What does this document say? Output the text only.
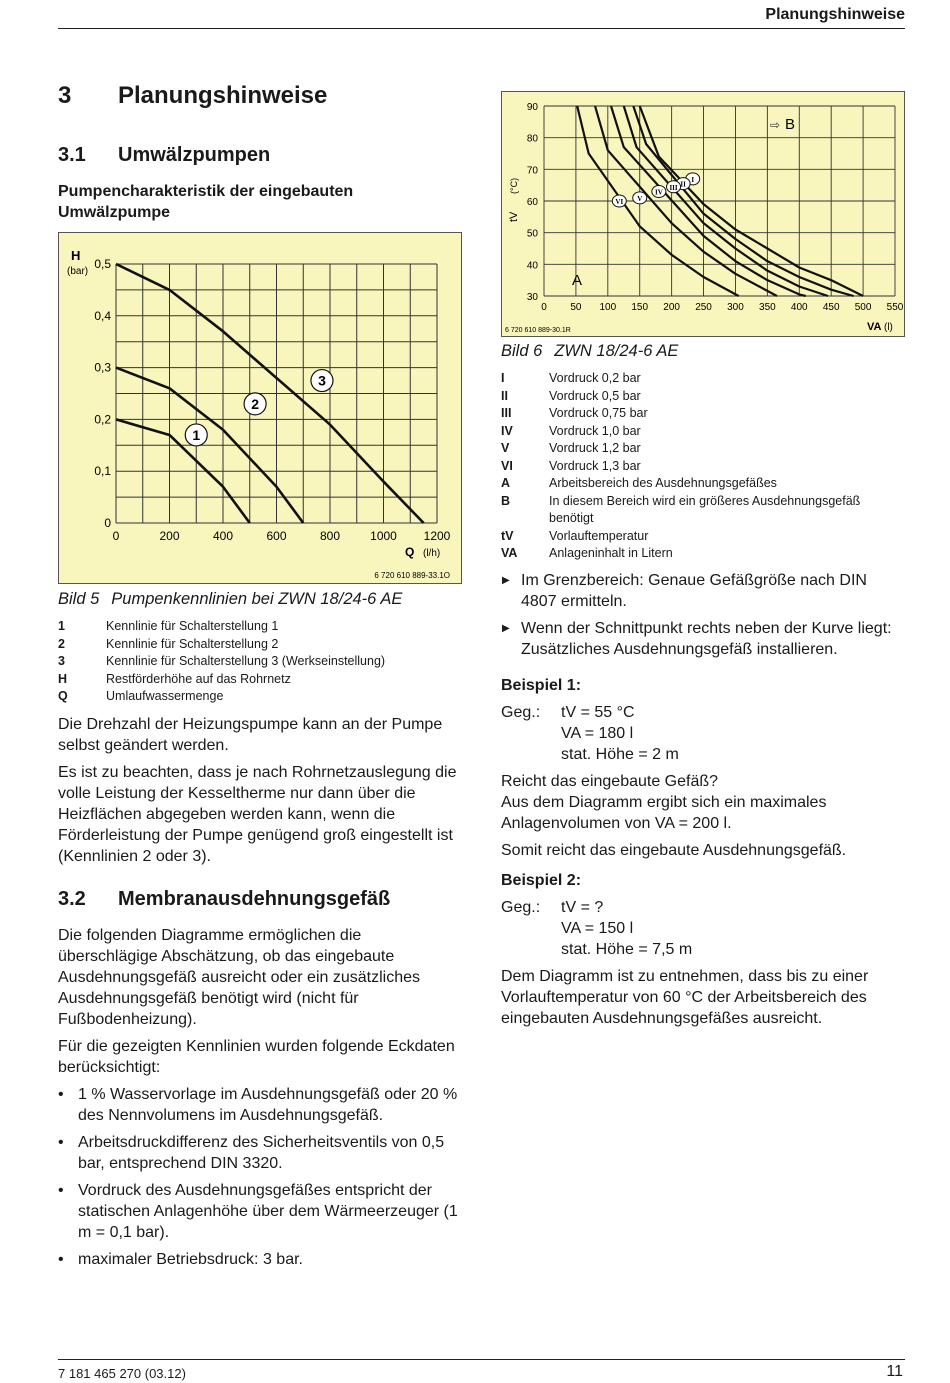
Planungshinweise
3 Planungshinweise
3.1 Umwälzpumpen
Pumpencharakteristik der eingebauten Umwälzpumpe
0	200	400	600	800	1000 1200
0
0,1
0,2
0,3
0,4
0,5
1
2
3
H
(bar)
Q (l/h)
6 720 610 889-33.1O
Bild 5 Pumpenkennlinien bei ZWN 18/24-6 AE
1	Kennlinie für Schalterstellung 1
2	Kennlinie für Schalterstellung 2
3	Kennlinie für Schalterstellung 3 (Werkseinstellung)
H	Restförderhöhe auf das Rohrnetz
Q	Umlaufwassermenge

Die Drehzahl der Heizungspumpe kann an der Pumpe selbst geändert werden.

Es ist zu beachten, dass je nach Rohrnetzauslegung die volle Leistung der Kesseltherme nur dann über die Heizflächen abgegeben werden kann, wenn die Förderleistung der Pumpe genügend groß eingestellt ist (Kennlinien 2 oder 3).

3.2 Membranausdehnungsgefäß

Die folgenden Diagramme ermöglichen die überschlägige Abschätzung, ob das eingebaute Ausdehnungsgefäß ausreicht oder ein zusätzliches Ausdehnungsgefäß benötigt wird (nicht für Fußbodenheizung).

Für die gezeigten Kennlinien wurden folgende Eckdaten berücksichtigt:

• 1 % Wasservorlage im Ausdehnungsgefäß oder 20 % des Nennvolumens im Ausdehnungsgefäß.
• Arbeitsdruckdifferenz des Sicherheitsventils von 0,5 bar, entsprechend DIN 3320.
• Vordruck des Ausdehnungsgefäßes entspricht der statischen Anlagenhöhe über dem Wärmeerzeuger (1 m = 0,1 bar).
• maximaler Betriebsdruck: 3 bar.
0 50 100 150 200 250 300 350 400 450 500 550
30
40
50
60
70
80
90
I
II
III
IV
V
VI
tV
(°C)
VA (l)
6 720 610 889-30.1R
A
⇨ B
Bild 6 ZWN 18/24-6 AE
I	Vordruck 0,2 bar
II	Vordruck 0,5 bar
III	Vordruck 0,75 bar
IV	Vordruck 1,0 bar
V	Vordruck 1,2 bar
VI	Vordruck 1,3 bar
A	Arbeitsbereich des Ausdehnungsgefäßes
B	In diesem Bereich wird ein größeres Ausdehnungsgefäß benötigt
tV	Vorlauftemperatur
VA	Anlageninhalt in Litern
▶ Im Grenzbereich: Genaue Gefäßgröße nach DIN 4807 ermitteln.
▶ Wenn der Schnittpunkt rechts neben der Kurve liegt: Zusätzliches Ausdehnungsgefäß installieren.
Beispiel 1:
Geg.:	tV = 55 °C
VA = 180 l
stat. Höhe = 2 m

Reicht das eingebaute Gefäß?

Aus dem Diagramm ergibt sich ein maximales Anlagenvolumen von VA = 200 l.

Somit reicht das eingebaute Ausdehnungsgefäß.

Beispiel 2:
Geg.:	tV = ?
VA = 150 l
stat. Höhe = 7,5 m

Dem Diagramm ist zu entnehmen, dass bis zu einer Vorlauftemperatur von 60 °C der Arbeitsbereich des eingebauten Ausdehnungsgefäßes ausreicht.

7 181 465 270 (03.12)	11
